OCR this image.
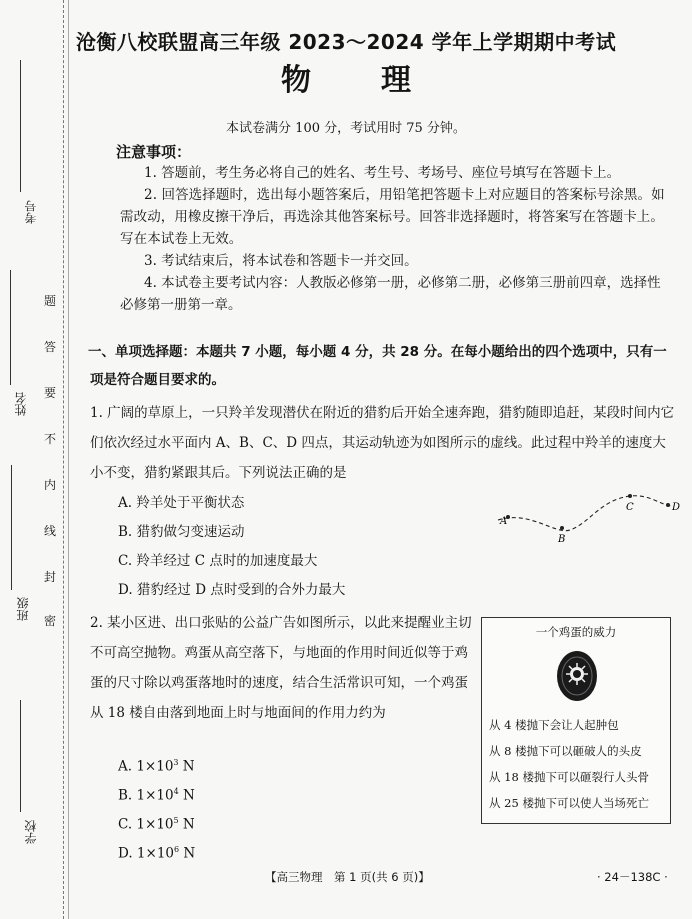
考号
姓名
班级
学校
题
答
要
不
内
线
封
密
沧衡八校联盟高三年级 2023～2024 学年上学期期中考试
物理
本试卷满分 100 分，考试用时 75 分钟。
注意事项：
1. 答题前，考生务必将自己的姓名、考生号、考场号、座位号填写在答题卡上。
2. 回答选择题时，选出每小题答案后，用铅笔把答题卡上对应题目的答案标号涂黑。如需改动，用橡皮擦干净后，再选涂其他答案标号。回答非选择题时，将答案写在答题卡上。写在本试卷上无效。
3. 考试结束后，将本试卷和答题卡一并交回。
4. 本试卷主要考试内容：人教版必修第一册，必修第二册，必修第三册前四章，选择性必修第一册第一章。
一、单项选择题：本题共 7 小题，每小题 4 分，共 28 分。在每小题给出的四个选项中，只有一项是符合题目要求的。
1. 广阔的草原上，一只羚羊发现潜伏在附近的猎豹后开始全速奔跑，猎豹随即追赶，某段时间内它们依次经过水平面内 A、B、C、D 四点，其运动轨迹为如图所示的虚线。此过程中羚羊的速度大小不变，猎豹紧跟其后。下列说法正确的是
A. 羚羊处于平衡状态
B. 猎豹做匀变速运动
C. 羚羊经过 C 点时的加速度最大
D. 猎豹经过 D 点时受到的合外力最大
A
B
C	D
2. 某小区进、出口张贴的公益广告如图所示，以此来提醒业主切不可高空抛物。鸡蛋从高空落下，与地面的作用时间近似等于鸡蛋的尺寸除以鸡蛋落地时的速度，结合生活常识可知，一个鸡蛋从 18 楼自由落到地面上时与地面间的作用力约为
A. $1\times 10^3$ N
B. $1\times 10^4$ N
C. $1\times 10^5$ N
D. $1\times 10^6$ N
一个鸡蛋的威力
从 4 楼抛下会让人起肿包
从 8 楼抛下可以砸破人的头皮
从 18 楼抛下可以砸裂行人头骨
从 25 楼抛下可以使人当场死亡
【高三物理　第 1 页(共 6 页)】	· 24－138C ·
